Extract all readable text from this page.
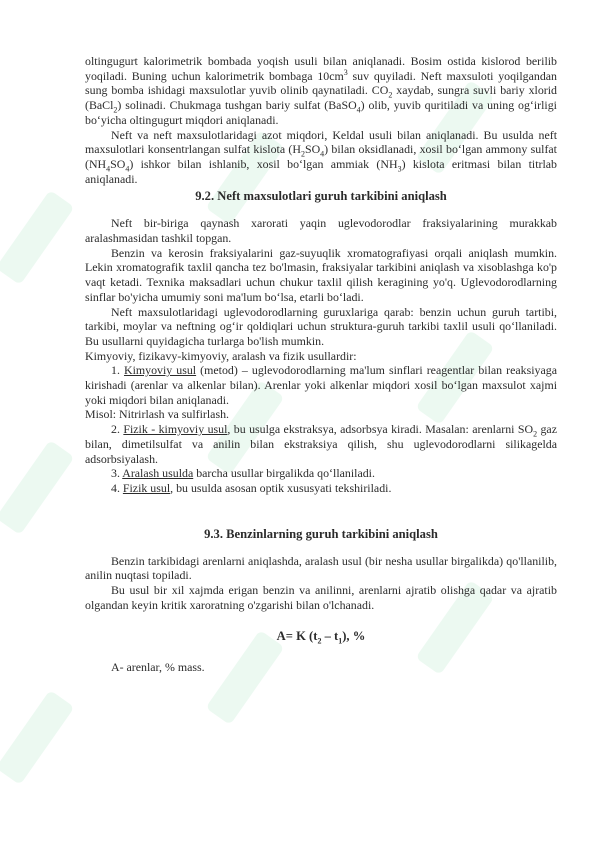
oltingugurt kalorimetrik bombada yoqish usuli bilan aniqlanadi. Bosim ostida kislorod berilib yoqiladi. Buning uchun kalorimetrik bombaga $10cm^3$ suv quyiladi. Neft maxsuloti yoqilgandan sung bomba ishidagi maxsulotlar yuvib olinib qaynatiladi. $CO_2$ xaydab, sungra suvli bariy xlorid (BaCl$_2$) solinadi. Chukmaga tushgan bariy sulfat (BaSO$_4$) olib, yuvib quritiladi va uning og‘irligi bo‘yicha oltingugurt miqdori aniqlanadi.

Neft va neft maxsulotlaridagi azot miqdori, Keldal usuli bilan aniqlanadi. Bu usulda neft maxsulotlari konsentrlangan sulfat kislota $(H_2SO_4)$ bilan oksidlanadi, xosil bo‘lgan ammony sulfat $(NH_4SO_4)$ ishkor bilan ishlanib, xosil bo‘lgan ammiak $(NH_3)$ kislota eritmasi bilan titrlab aniqlanadi.

9.2. Neft maxsulotlari guruh tarkibini aniqlash

Neft bir-biriga qaynash xarorati yaqin uglevodorodlar fraksiyalarining murakkab aralashmasidan tashkil topgan.

Benzin va kerosin fraksiyalarini gaz-suyuqlik xromatografiyasi orqali aniqlash mumkin. Lekin xromatografik taxlil qancha tez bo'lmasin, fraksiyalar tarkibini aniqlash va xisoblashga ko'p vaqt ketadi. Texnika maksadlari uchun chukur taxlil qilish keragining yo'q. Uglevodorodlarning sinflar bo'yicha umumiy soni ma'lum bo‘lsa, etarli bo‘ladi.

Neft maxsulotlaridagi uglevodorodlarning guruxlariga qarab: benzin uchun guruh tartibi, tarkibi, moylar va neftning og‘ir qoldiqlari uchun struktura-guruh tarkibi taxlil usuli qo‘llaniladi. Bu usullarni quyidagicha turlarga bo'lish mumkin.

Kimyoviy, fizikavy-kimyoviy, aralash va fizik usullardir:

1. Kimyoviy usul (metod) – uglevodorodlarning ma'lum sinflari reagentlar bilan reaksiyaga kirishadi (arenlar va alkenlar bilan). Arenlar yoki alkenlar miqdori xosil bo‘lgan maxsulot xajmi yoki miqdori bilan aniqlanadi.

Misol: Nitrirlash va sulfirlash.

2. Fizik - kimyoviy usul, bu usulga ekstraksya, adsorbsya kiradi. Masalan: arenlarni $SO_2$ gaz bilan, dimetilsulfat va anilin bilan ekstraksiya qilish, shu uglevodorodlarni silikagelda adsorbsiyalash.

3. Aralash usulda barcha usullar birgalikda qo‘llaniladi.

4. Fizik usul, bu usulda asosan optik xususyati tekshiriladi.

9.3. Benzinlarning guruh tarkibini aniqlash

Benzin tarkibidagi arenlarni aniqlashda, aralash usul (bir nesha usullar birgalikda) qo'llanilib, anilin nuqtasi topiladi.

Bu usul bir xil xajmda erigan benzin va anilinni, arenlarni ajratib olishga qadar va ajratib olgandan keyin kritik xaroratning o'zgarishi bilan o'lchanadi.

A= K $(t_2 - t_1)$, %

A- arenlar, % mass.
